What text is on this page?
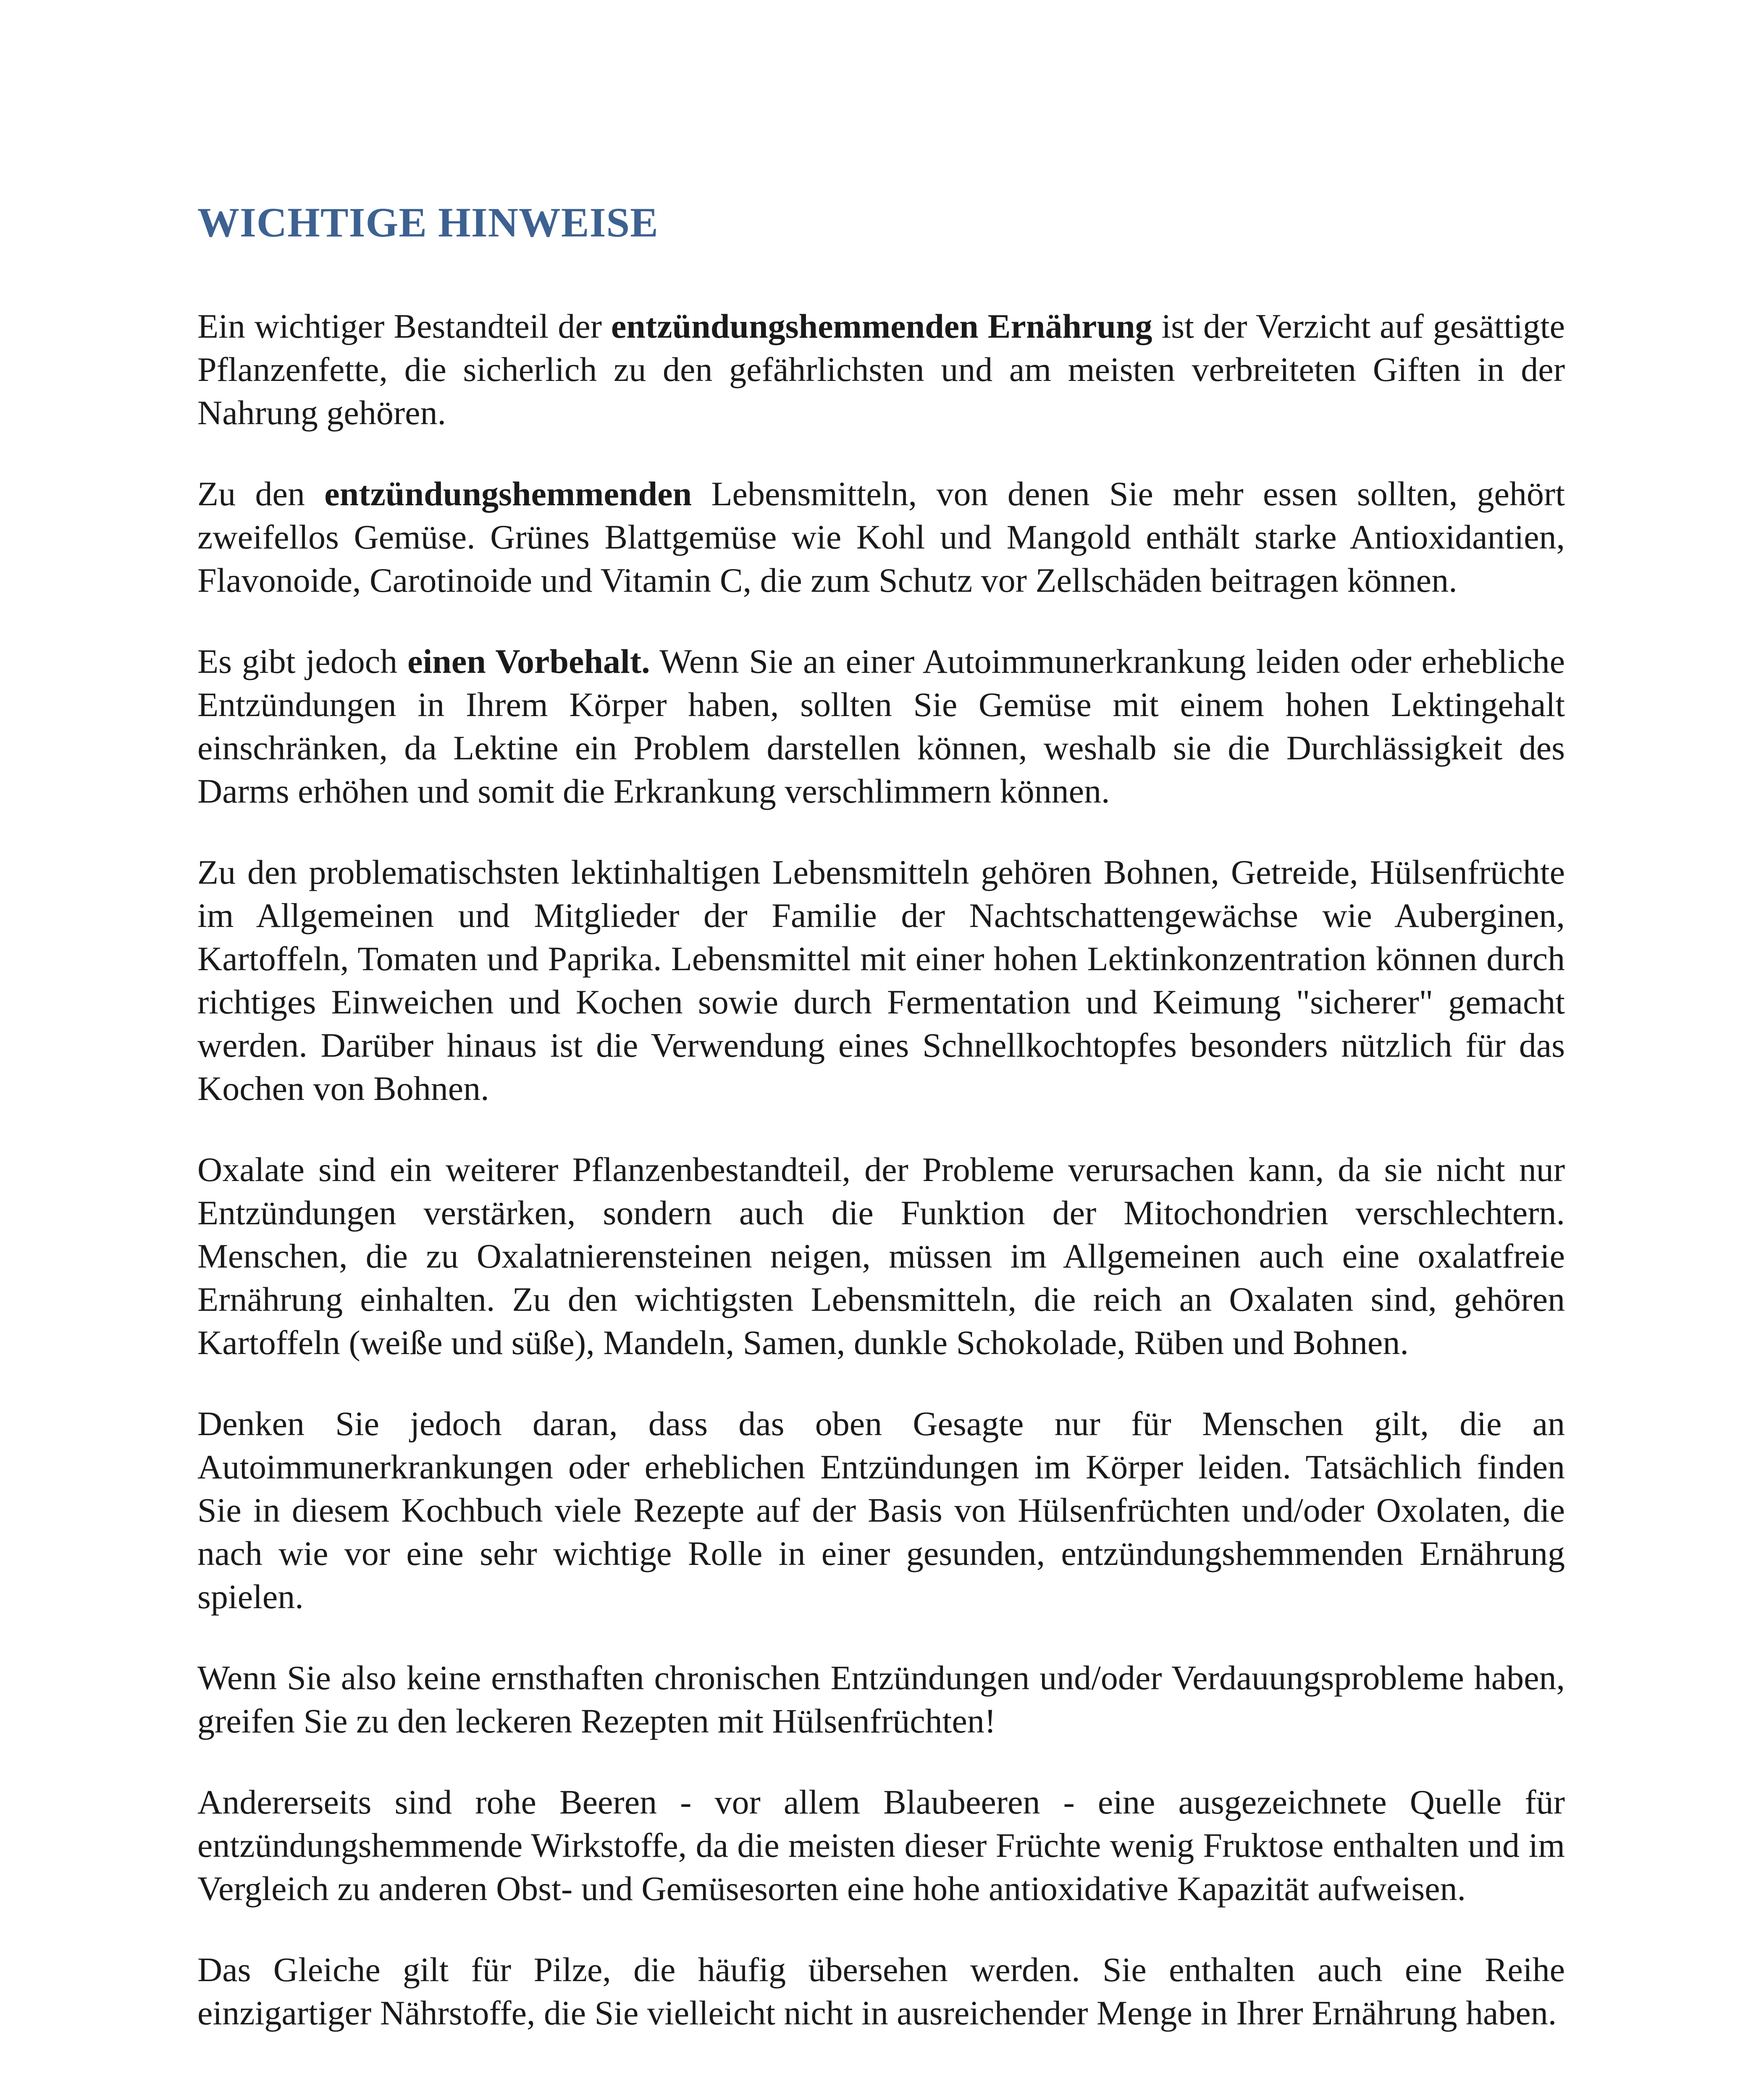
WICHTIGE HINWEISE

Ein wichtiger Bestandteil der entzündungshemmenden Ernährung ist der Verzicht auf gesättigte Pflanzenfette, die sicherlich zu den gefährlichsten und am meisten verbreiteten Giften in der Nahrung gehören.

Zu den entzündungshemmenden Lebensmitteln, von denen Sie mehr essen sollten, gehört zweifellos Gemüse. Grünes Blattgemüse wie Kohl und Mangold enthält starke Antioxidantien, Flavonoide, Carotinoide und Vitamin C, die zum Schutz vor Zellschäden beitragen können.

Es gibt jedoch einen Vorbehalt. Wenn Sie an einer Autoimmunerkrankung leiden oder erhebliche Entzündungen in Ihrem Körper haben, sollten Sie Gemüse mit einem hohen Lektingehalt einschränken, da Lektine ein Problem darstellen können, weshalb sie die Durchlässigkeit des Darms erhöhen und somit die Erkrankung verschlimmern können.

Zu den problematischsten lektinhaltigen Lebensmitteln gehören Bohnen, Getreide, Hülsenfrüchte im Allgemeinen und Mitglieder der Familie der Nachtschattengewächse wie Auberginen, Kartoffeln, Tomaten und Paprika. Lebensmittel mit einer hohen Lektinkonzentration können durch richtiges Einweichen und Kochen sowie durch Fermentation und Keimung "sicherer" gemacht werden. Darüber hinaus ist die Verwendung eines Schnellkochtopfes besonders nützlich für das Kochen von Bohnen.

Oxalate sind ein weiterer Pflanzenbestandteil, der Probleme verursachen kann, da sie nicht nur Entzündungen verstärken, sondern auch die Funktion der Mitochondrien verschlechtern. Menschen, die zu Oxalatnierensteinen neigen, müssen im Allgemeinen auch eine oxalatfreie Ernährung einhalten. Zu den wichtigsten Lebensmitteln, die reich an Oxalaten sind, gehören Kartoffeln (weiße und süße), Mandeln, Samen, dunkle Schokolade, Rüben und Bohnen.

Denken Sie jedoch daran, dass das oben Gesagte nur für Menschen gilt, die an Autoimmunerkrankungen oder erheblichen Entzündungen im Körper leiden. Tatsächlich finden Sie in diesem Kochbuch viele Rezepte auf der Basis von Hülsenfrüchten und/oder Oxolaten, die nach wie vor eine sehr wichtige Rolle in einer gesunden, entzündungshemmenden Ernährung spielen.

Wenn Sie also keine ernsthaften chronischen Entzündungen und/oder Verdauungsprobleme haben, greifen Sie zu den leckeren Rezepten mit Hülsenfrüchten!

Andererseits sind rohe Beeren - vor allem Blaubeeren - eine ausgezeichnete Quelle für entzündungshemmende Wirkstoffe, da die meisten dieser Früchte wenig Fruktose enthalten und im Vergleich zu anderen Obst- und Gemüsesorten eine hohe antioxidative Kapazität aufweisen.

Das Gleiche gilt für Pilze, die häufig übersehen werden. Sie enthalten auch eine Reihe einzigartiger Nährstoffe, die Sie vielleicht nicht in ausreichender Menge in Ihrer Ernährung haben.
